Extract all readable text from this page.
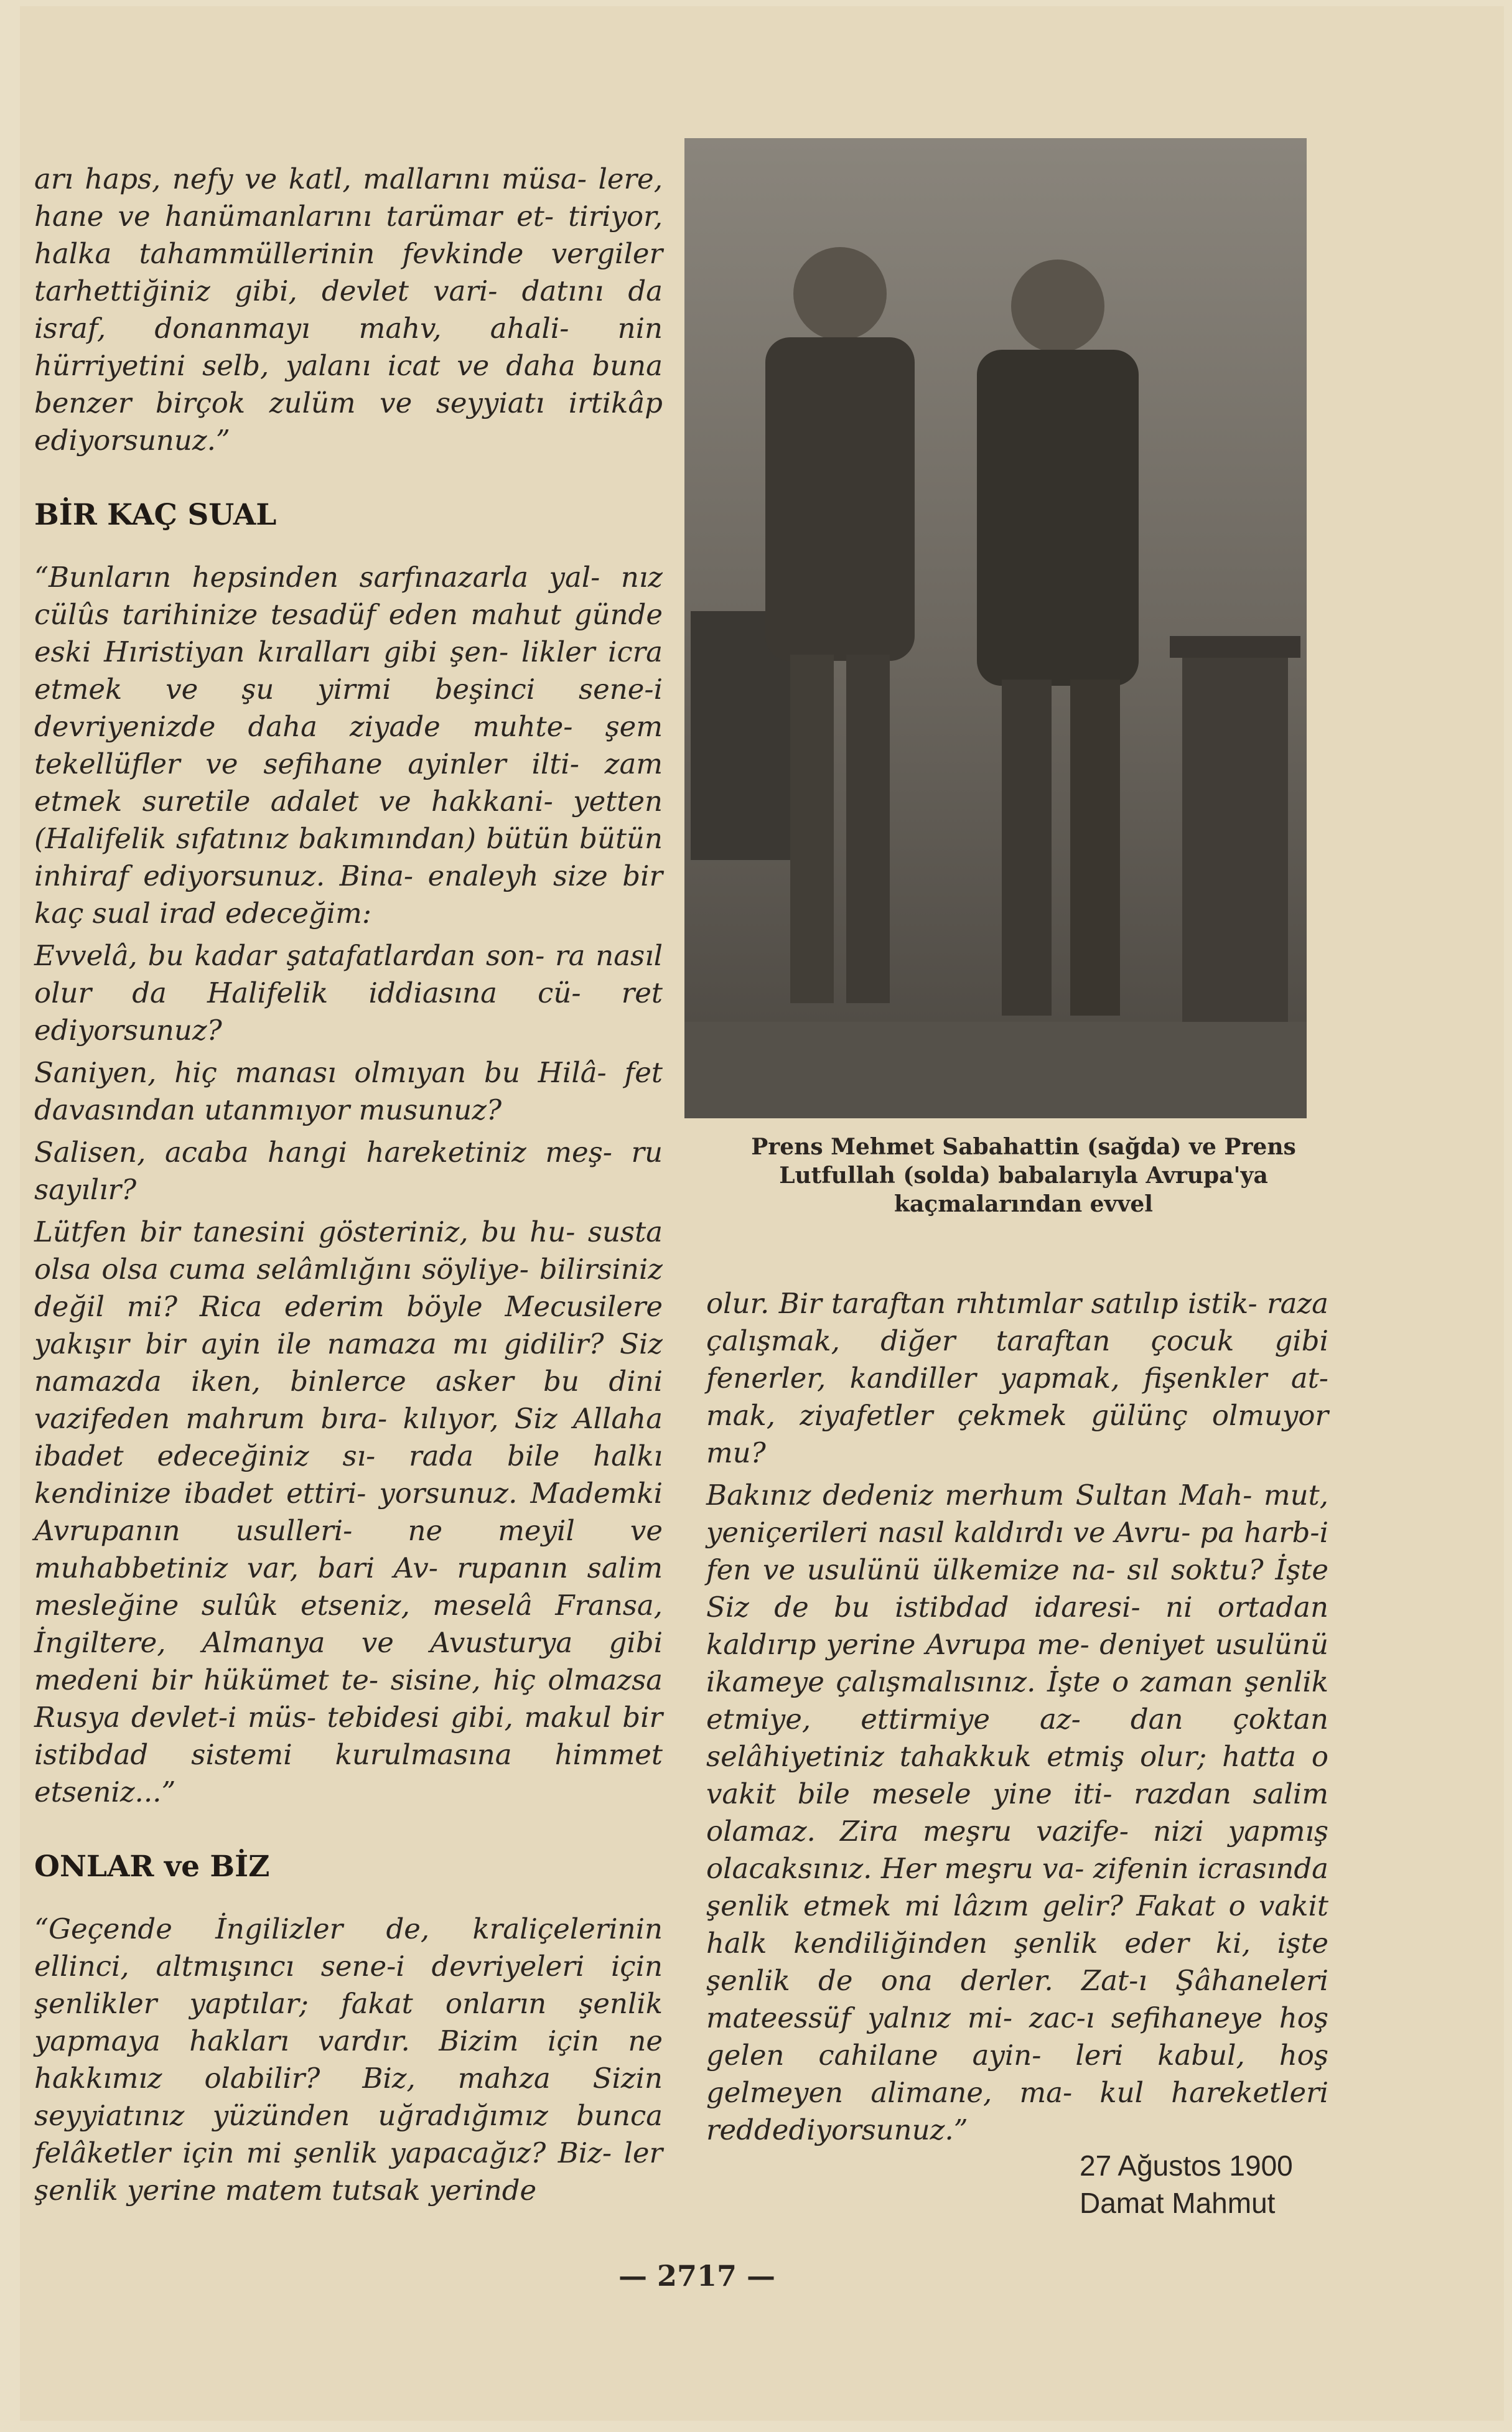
arı haps, nefy ve katl, mallarını müsa- lere, hane ve hanümanlarını tarümar et- tiriyor, halka tahammüllerinin fevkinde vergiler tarhettiğiniz gibi, devlet vari- datını da israf, donanmayı mahv, ahali- nin hürriyetini selb, yalanı icat ve daha buna benzer birçok zulüm ve seyyiatı irtikâp ediyorsunuz.”

BİR KAÇ SUAL

“Bunların hepsinden sarfınazarla yal- nız cülûs tarihinize tesadüf eden mahut günde eski Hıristiyan kıralları gibi şen- likler icra etmek ve şu yirmi beşinci sene-i devriyenizde daha ziyade muhte- şem tekellüfler ve sefihane ayinler ilti- zam etmek suretile adalet ve hakkani- yetten (Halifelik sıfatınız bakımından) bütün bütün inhiraf ediyorsunuz. Bina- enaleyh size bir kaç sual irad edeceğim:

Evvelâ, bu kadar şatafatlardan son- ra nasıl olur da Halifelik iddiasına cü- ret ediyorsunuz?

Saniyen, hiç manası olmıyan bu Hilâ- fet davasından utanmıyor musunuz?

Salisen, acaba hangi hareketiniz meş- ru sayılır?

Lütfen bir tanesini gösteriniz, bu hu- susta olsa olsa cuma selâmlığını söyliye- bilirsiniz değil mi? Rica ederim böyle Mecusilere yakışır bir ayin ile namaza mı gidilir? Siz namazda iken, binlerce asker bu dini vazifeden mahrum bıra- kılıyor, Siz Allaha ibadet edeceğiniz sı- rada bile halkı kendinize ibadet ettiri- yorsunuz. Mademki Avrupanın usulleri- ne meyil ve muhabbetiniz var, bari Av- rupanın salim mesleğine sulûk etseniz, meselâ Fransa, İngiltere, Almanya ve Avusturya gibi medeni bir hükümet te- sisine, hiç olmazsa Rusya devlet-i müs- tebidesi gibi, makul bir istibdad sistemi kurulmasına himmet etseniz...”

ONLAR ve BİZ

“Geçende İngilizler de, kraliçelerinin ellinci, altmışıncı sene-i devriyeleri için şenlikler yaptılar; fakat onların şenlik yapmaya hakları vardır. Bizim için ne hakkımız olabilir? Biz, mahza Sizin seyyiatınız yüzünden uğradığımız bunca felâketler için mi şenlik yapacağız? Biz- ler şenlik yerine matem tutsak yerinde

Prens Mehmet Sabahattin (sağda) ve Prens Lutfullah (solda) babalarıyla Avrupa'ya kaçmalarından evvel

olur. Bir taraftan rıhtımlar satılıp istik- raza çalışmak, diğer taraftan çocuk gibi fenerler, kandiller yapmak, fişenkler at- mak, ziyafetler çekmek gülünç olmuyor mu?

Bakınız dedeniz merhum Sultan Mah- mut, yeniçerileri nasıl kaldırdı ve Avru- pa harb-i fen ve usulünü ülkemize na- sıl soktu? İşte Siz de bu istibdad idaresi- ni ortadan kaldırıp yerine Avrupa me- deniyet usulünü ikameye çalışmalısınız. İşte o zaman şenlik etmiye, ettirmiye az- dan çoktan selâhiyetiniz tahakkuk etmiş olur; hatta o vakit bile mesele yine iti- razdan salim olamaz. Zira meşru vazife- nizi yapmış olacaksınız. Her meşru va- zifenin icrasında şenlik etmek mi lâzım gelir? Fakat o vakit halk kendiliğinden şenlik eder ki, işte şenlik de ona derler. Zat-ı Şâhaneleri mateessüf yalnız mi- zac-ı sefihaneye hoş gelen cahilane ayin- leri kabul, hoş gelmeyen alimane, ma- kul hareketleri reddediyorsunuz.”

27 Ağustos 1900
Damat Mahmut
— 2717 —
